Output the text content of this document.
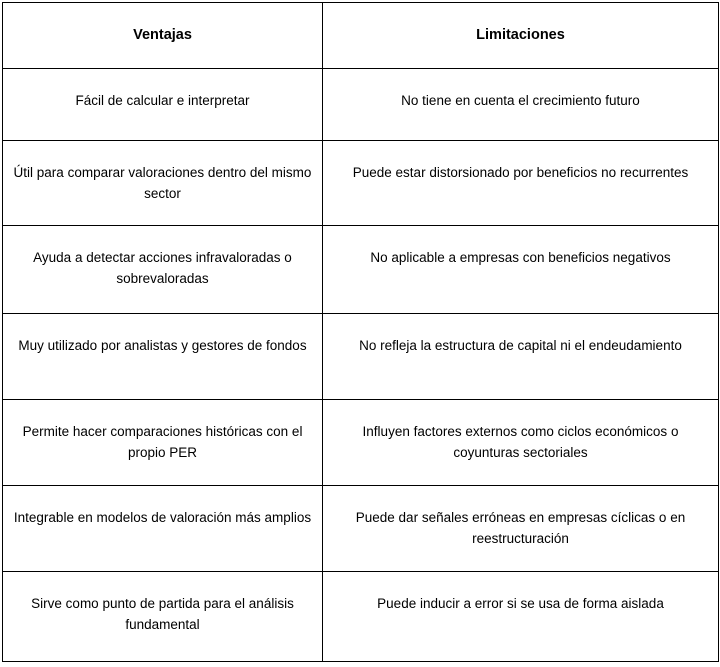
Ventajas	Limitaciones
Fácil de calcular e interpretar	No tiene en cuenta el crecimiento futuro
Útil para comparar valoraciones dentro del mismo sector	Puede estar distorsionado por beneficios no recurrentes
Ayuda a detectar acciones infravaloradas o sobrevaloradas	No aplicable a empresas con beneficios negativos
Muy utilizado por analistas y gestores de fondos	No refleja la estructura de capital ni el endeudamiento
Permite hacer comparaciones históricas con el propio PER	Influyen factores externos como ciclos económicos o coyunturas sectoriales
Integrable en modelos de valoración más amplios	Puede dar señales erróneas en empresas cíclicas o en reestructuración
Sirve como punto de partida para el análisis fundamental	Puede inducir a error si se usa de forma aislada
